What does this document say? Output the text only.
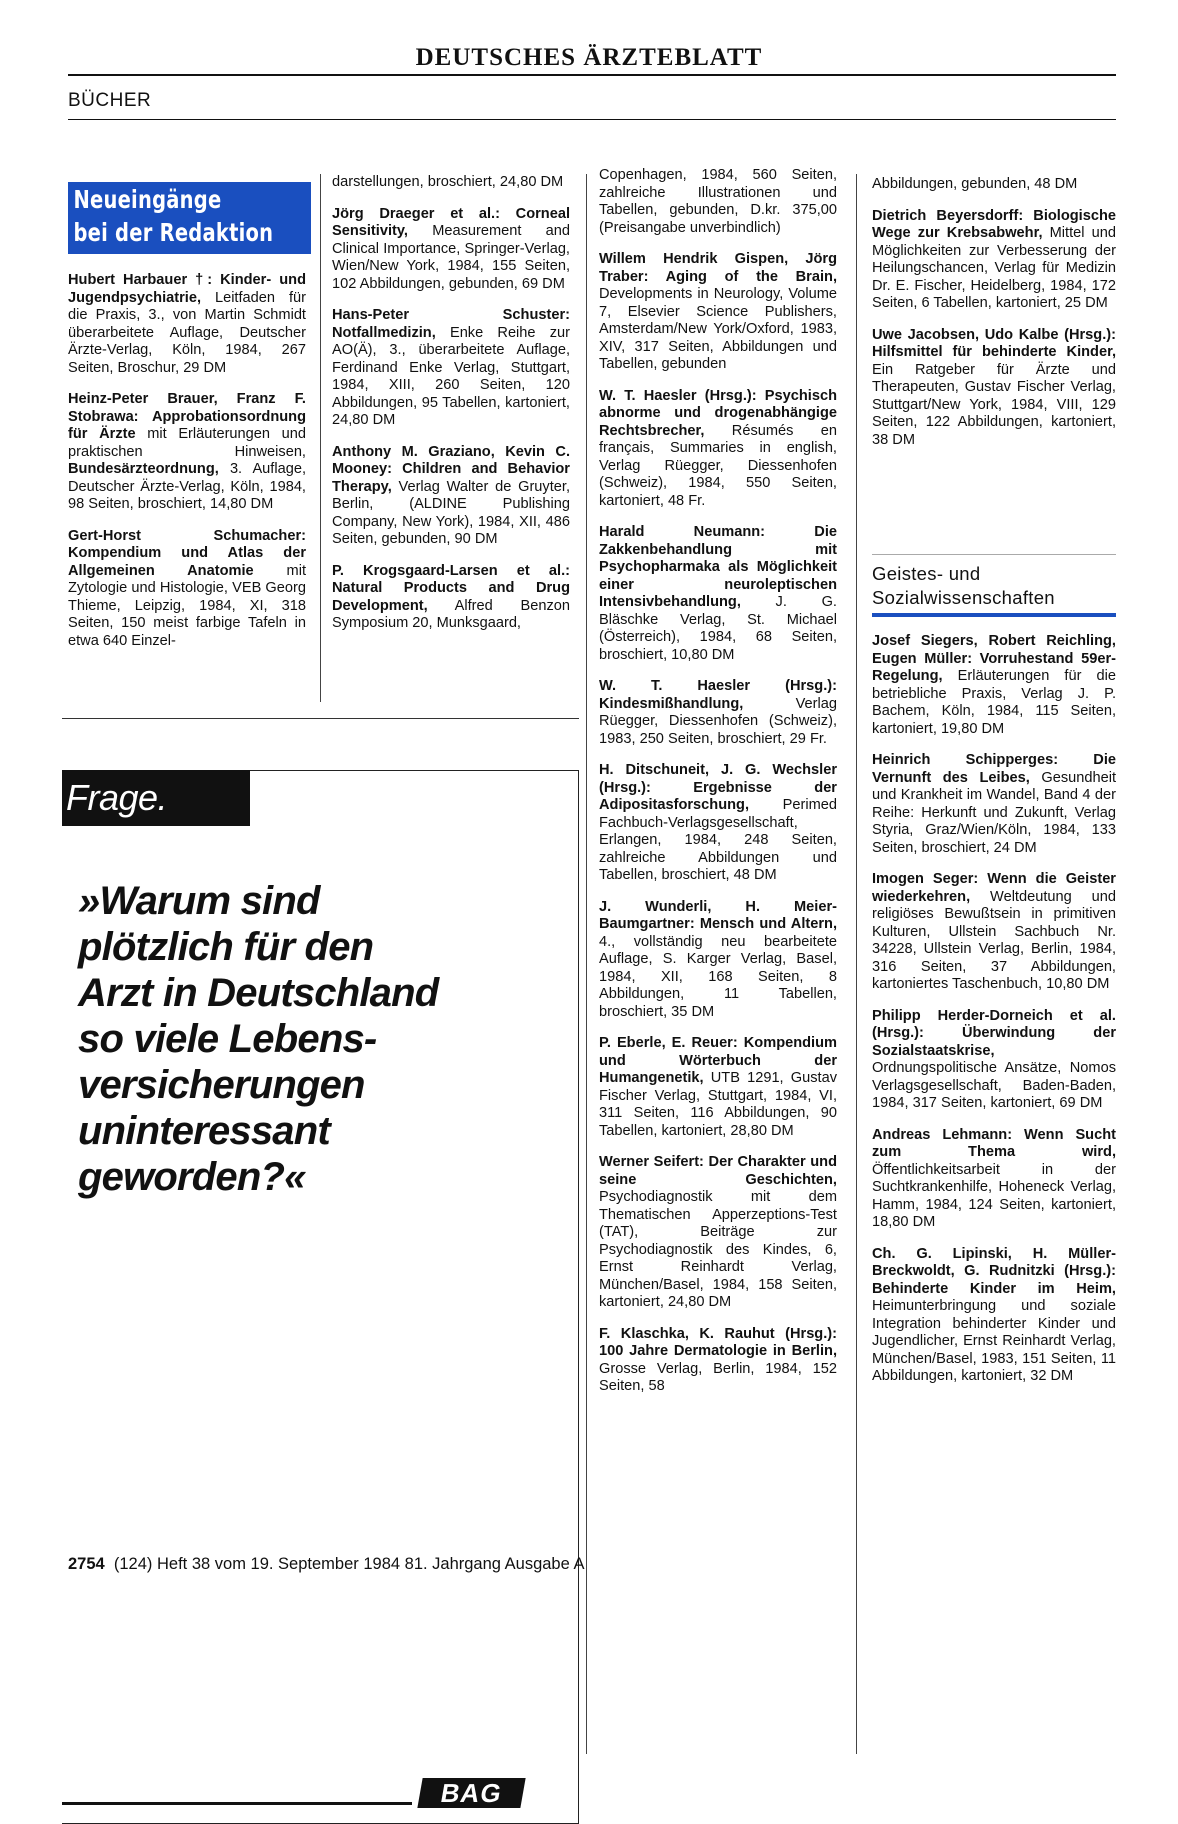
DEUTSCHES ÄRZTEBLATT
BÜCHER
Neueingänge
bei der Redaktion

Hubert Harbauer †: Kinder- und Jugendpsychiatrie, Leitfaden für die Praxis, 3., von Martin Schmidt überarbeitete Auflage, Deutscher Ärzte-Verlag, Köln, 1984, 267 Seiten, Broschur, 29 DM

Heinz-Peter Brauer, Franz F. Stobrawa: Approbationsordnung für Ärzte mit Erläuterungen und praktischen Hinweisen, Bundesärzteordnung, 3. Auflage, Deutscher Ärzte-Verlag, Köln, 1984, 98 Seiten, broschiert, 14,80 DM

Gert-Horst Schumacher: Kompendium und Atlas der Allgemeinen Anatomie mit Zytologie und Histologie, VEB Georg Thieme, Leipzig, 1984, XI, 318 Seiten, 150 meist farbige Tafeln in etwa 640 Einzel-

darstellungen, broschiert, 24,80 DM

Jörg Draeger et al.: Corneal Sensitivity, Measurement and Clinical Importance, Springer-Verlag, Wien/New York, 1984, 155 Seiten, 102 Abbildungen, gebunden, 69 DM

Hans-Peter Schuster: Notfallmedizin, Enke Reihe zur AO(Ä), 3., überarbeitete Auflage, Ferdinand Enke Verlag, Stuttgart, 1984, XIII, 260 Seiten, 120 Abbildungen, 95 Tabellen, kartoniert, 24,80 DM

Anthony M. Graziano, Kevin C. Mooney: Children and Behavior Therapy, Verlag Walter de Gruyter, Berlin, (ALDINE Publishing Company, New York), 1984, XII, 486 Seiten, gebunden, 90 DM

P. Krogsgaard-Larsen et al.: Natural Products and Drug Development, Alfred Benzon Symposium 20, Munksgaard,

Copenhagen, 1984, 560 Seiten, zahlreiche Illustrationen und Tabellen, gebunden, D.kr. 375,00 (Preisangabe unverbindlich)

Willem Hendrik Gispen, Jörg Traber: Aging of the Brain, Developments in Neurology, Volume 7, Elsevier Science Publishers, Amsterdam/New York/Oxford, 1983, XIV, 317 Seiten, Abbildungen und Tabellen, gebunden

W. T. Haesler (Hrsg.): Psychisch abnorme und drogenabhängige Rechtsbrecher, Résumés en français, Summaries in english, Verlag Rüegger, Diessenhofen (Schweiz), 1984, 550 Seiten, kartoniert, 48 Fr.

Harald Neumann: Die Zakkenbehandlung mit Psychopharmaka als Möglichkeit einer neuroleptischen Intensivbehandlung, J. G. Bläschke Verlag, St. Michael (Österreich), 1984, 68 Seiten, broschiert, 10,80 DM

W. T. Haesler (Hrsg.): Kindesmißhandlung, Verlag Rüegger, Diessenhofen (Schweiz), 1983, 250 Seiten, broschiert, 29 Fr.

H. Ditschuneit, J. G. Wechsler (Hrsg.): Ergebnisse der Adipositasforschung, Perimed Fachbuch-Verlagsgesellschaft, Erlangen, 1984, 248 Seiten, zahlreiche Abbildungen und Tabellen, broschiert, 48 DM

J. Wunderli, H. Meier-Baumgartner: Mensch und Altern, 4., vollständig neu bearbeitete Auflage, S. Karger Verlag, Basel, 1984, XII, 168 Seiten, 8 Abbildungen, 11 Tabellen, broschiert, 35 DM

P. Eberle, E. Reuer: Kompendium und Wörterbuch der Humangenetik, UTB 1291, Gustav Fischer Verlag, Stuttgart, 1984, VI, 311 Seiten, 116 Abbildungen, 90 Tabellen, kartoniert, 28,80 DM

Werner Seifert: Der Charakter und seine Geschichten, Psychodiagnostik mit dem Thematischen Apperzeptions-Test (TAT), Beiträge zur Psychodiagnostik des Kindes, 6, Ernst Reinhardt Verlag, München/Basel, 1984, 158 Seiten, kartoniert, 24,80 DM

F. Klaschka, K. Rauhut (Hrsg.): 100 Jahre Dermatologie in Berlin, Grosse Verlag, Berlin, 1984, 152 Seiten, 58

Abbildungen, gebunden, 48 DM

Dietrich Beyersdorff: Biologische Wege zur Krebsabwehr, Mittel und Möglichkeiten zur Verbesserung der Heilungschancen, Verlag für Medizin Dr. E. Fischer, Heidelberg, 1984, 172 Seiten, 6 Tabellen, kartoniert, 25 DM

Uwe Jacobsen, Udo Kalbe (Hrsg.): Hilfsmittel für behinderte Kinder, Ein Ratgeber für Ärzte und Therapeuten, Gustav Fischer Verlag, Stuttgart/New York, 1984, VIII, 129 Seiten, 122 Abbildungen, kartoniert, 38 DM

Josef Siegers, Robert Reichling, Eugen Müller: Vorruhestand 59er-Regelung, Erläuterungen für die betriebliche Praxis, Verlag J. P. Bachem, Köln, 1984, 115 Seiten, kartoniert, 19,80 DM

Heinrich Schipperges: Die Vernunft des Leibes, Gesundheit und Krankheit im Wandel, Band 4 der Reihe: Herkunft und Zukunft, Verlag Styria, Graz/Wien/Köln, 1984, 133 Seiten, broschiert, 24 DM

Imogen Seger: Wenn die Geister wiederkehren, Weltdeutung und religiöses Bewußtsein in primitiven Kulturen, Ullstein Sachbuch Nr. 34228, Ullstein Verlag, Berlin, 1984, 316 Seiten, 37 Abbildungen, kartoniertes Taschenbuch, 10,80 DM

Philipp Herder-Dorneich et al. (Hrsg.): Überwindung der Sozialstaatskrise, Ordnungspolitische Ansätze, Nomos Verlagsgesellschaft, Baden-Baden, 1984, 317 Seiten, kartoniert, 69 DM

Andreas Lehmann: Wenn Sucht zum Thema wird, Öffentlichkeitsarbeit in der Suchtkrankenhilfe, Hoheneck Verlag, Hamm, 1984, 124 Seiten, kartoniert, 18,80 DM

Ch. G. Lipinski, H. Müller-Breckwoldt, G. Rudnitzki (Hrsg.): Behinderte Kinder im Heim, Heimunterbringung und soziale Integration behinderter Kinder und Jugendlicher, Ernst Reinhardt Verlag, München/Basel, 1983, 151 Seiten, 11 Abbildungen, kartoniert, 32 DM

Frage.
»Warum sind
plötzlich für den
Arzt in Deutschland
so viele Lebens-
versicherungen
uninteressant
geworden?«
BAG
Geistes- und
Sozialwissenschaften
2754 (124) Heft 38 vom 19. September 1984 81. Jahrgang Ausgabe A
